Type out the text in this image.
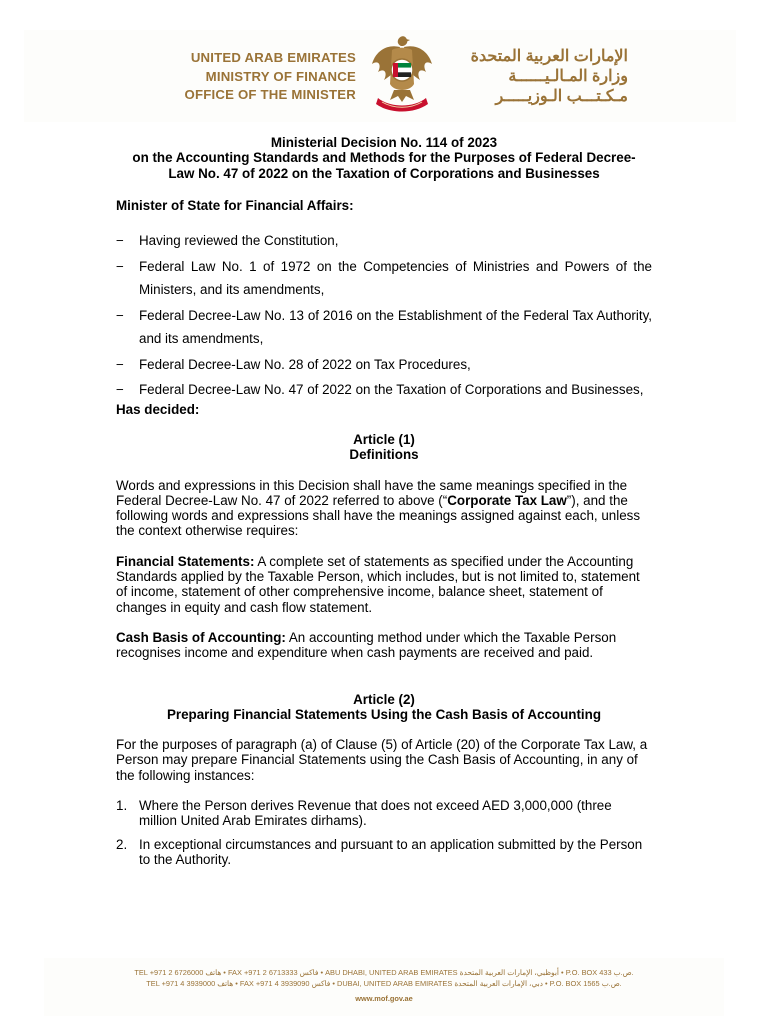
UNITED ARAB EMIRATES
MINISTRY OF FINANCE
OFFICE OF THE MINISTER
الإمارات العربية المتحدة
وزارة المـالـيــــــة
مـكـتـــب الـوزيـــــر
Ministerial Decision No. 114 of 2023
on the Accounting Standards and Methods for the Purposes of Federal Decree-
Law No. 47 of 2022 on the Taxation of Corporations and Businesses
Minister of State for Financial Affairs:
− Having reviewed the Constitution,
− Federal Law No. 1 of 1972 on the Competencies of Ministries and Powers of the Ministers, and its amendments,
− Federal Decree-Law No. 13 of 2016 on the Establishment of the Federal Tax Authority, and its amendments,
− Federal Decree-Law No. 28 of 2022 on Tax Procedures,
− Federal Decree-Law No. 47 of 2022 on the Taxation of Corporations and Businesses,
Has decided:
Article (1)
Definitions

Words and expressions in this Decision shall have the same meanings specified in the Federal Decree-Law No. 47 of 2022 referred to above (“Corporate Tax Law”), and the following words and expressions shall have the meanings assigned against each, unless the context otherwise requires:

Financial Statements: A complete set of statements as specified under the Accounting Standards applied by the Taxable Person, which includes, but is not limited to, statement of income, statement of other comprehensive income, balance sheet, statement of changes in equity and cash flow statement.

Cash Basis of Accounting: An accounting method under which the Taxable Person recognises income and expenditure when cash payments are received and paid.

Article (2)
Preparing Financial Statements Using the Cash Basis of Accounting

For the purposes of paragraph (a) of Clause (5) of Article (20) of the Corporate Tax Law, a Person may prepare Financial Statements using the Cash Basis of Accounting, in any of the following instances:

1. Where the Person derives Revenue that does not exceed AED 3,000,000 (three million United Arab Emirates dirhams).
2. In exceptional circumstances and pursuant to an application submitted by the Person to the Authority.
TEL +971 2 6726000 هاتف • FAX +971 2 6713333 فاكس • ABU DHABI, UNITED ARAB EMIRATES أبوظبي، الإمارات العربية المتحدة • P.O. BOX 433 ص.ب.
TEL +971 4 3939000 هاتف • FAX +971 4 3939090 فاكس • DUBAI, UNITED ARAB EMIRATES دبي، الإمارات العربية المتحدة • P.O. BOX 1565 ص.ب.
www.mof.gov.ae
